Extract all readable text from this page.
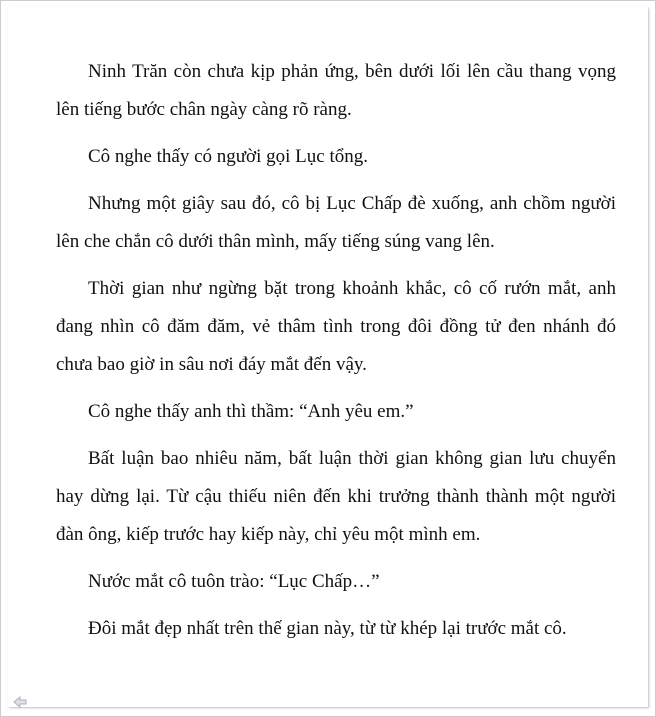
Ninh Trăn còn chưa kịp phản ứng, bên dưới lối lên cầu thang vọng lên tiếng bước chân ngày càng rõ ràng.

Cô nghe thấy có người gọi Lục tổng.

Nhưng một giây sau đó, cô bị Lục Chấp đè xuống, anh chồm người lên che chắn cô dưới thân mình, mấy tiếng súng vang lên.

Thời gian như ngừng bặt trong khoảnh khắc, cô cố rướn mắt, anh đang nhìn cô đăm đăm, vẻ thâm tình trong đôi đồng tử đen nhánh đó chưa bao giờ in sâu nơi đáy mắt đến vậy.

Cô nghe thấy anh thì thầm: “Anh yêu em.”

Bất luận bao nhiêu năm, bất luận thời gian không gian lưu chuyển hay dừng lại. Từ cậu thiếu niên đến khi trưởng thành thành một người đàn ông, kiếp trước hay kiếp này, chỉ yêu một mình em.

Nước mắt cô tuôn trào: “Lục Chấp…”

Đôi mắt đẹp nhất trên thế gian này, từ từ khép lại trước mắt cô.
